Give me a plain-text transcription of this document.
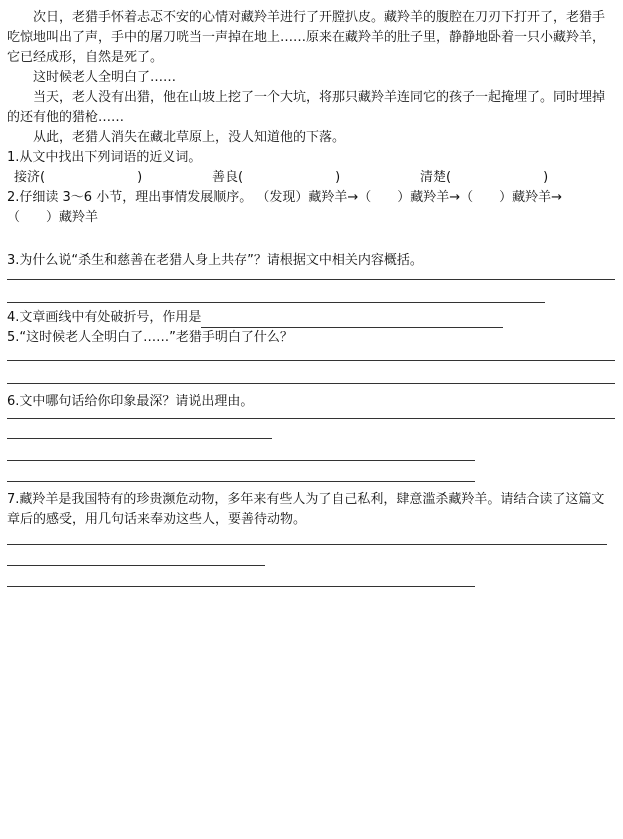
次日，老猎手怀着忐忑不安的心情对藏羚羊进行了开膛扒皮。藏羚羊的腹腔在刀刃下打开了，老猎手吃惊地叫出了声，手中的屠刀咣当一声掉在地上……原来在藏羚羊的肚子里，静静地卧着一只小藏羚羊，它已经成形，自然是死了。

这时候老人全明白了……

当天，老人没有出猎，他在山坡上挖了一个大坑，将那只藏羚羊连同它的孩子一起掩埋了。同时埋掉的还有他的猎枪……

从此，老猎人消失在藏北草原上，没人知道他的下落。

1.从文中找出下列词语的近义词。

接济(	)	善良(	)	清楚(	)

2.仔细读 3～6 小节，理出事情发展顺序。 （发现）藏羚羊→（　　）藏羚羊→（　　）藏羚羊→

（　　）藏羚羊

3.为什么说“杀生和慈善在老猎人身上共存”？请根据文中相关内容概括。

4.文章画线中有处破折号，作用是

5.“这时候老人全明白了……”老猎手明白了什么？

6.文中哪句话给你印象最深？请说出理由。

7.藏羚羊是我国特有的珍贵濒危动物，多年来有些人为了自己私利，肆意滥杀藏羚羊。请结合读了这篇文章后的感受，用几句话来奉劝这些人，要善待动物。
